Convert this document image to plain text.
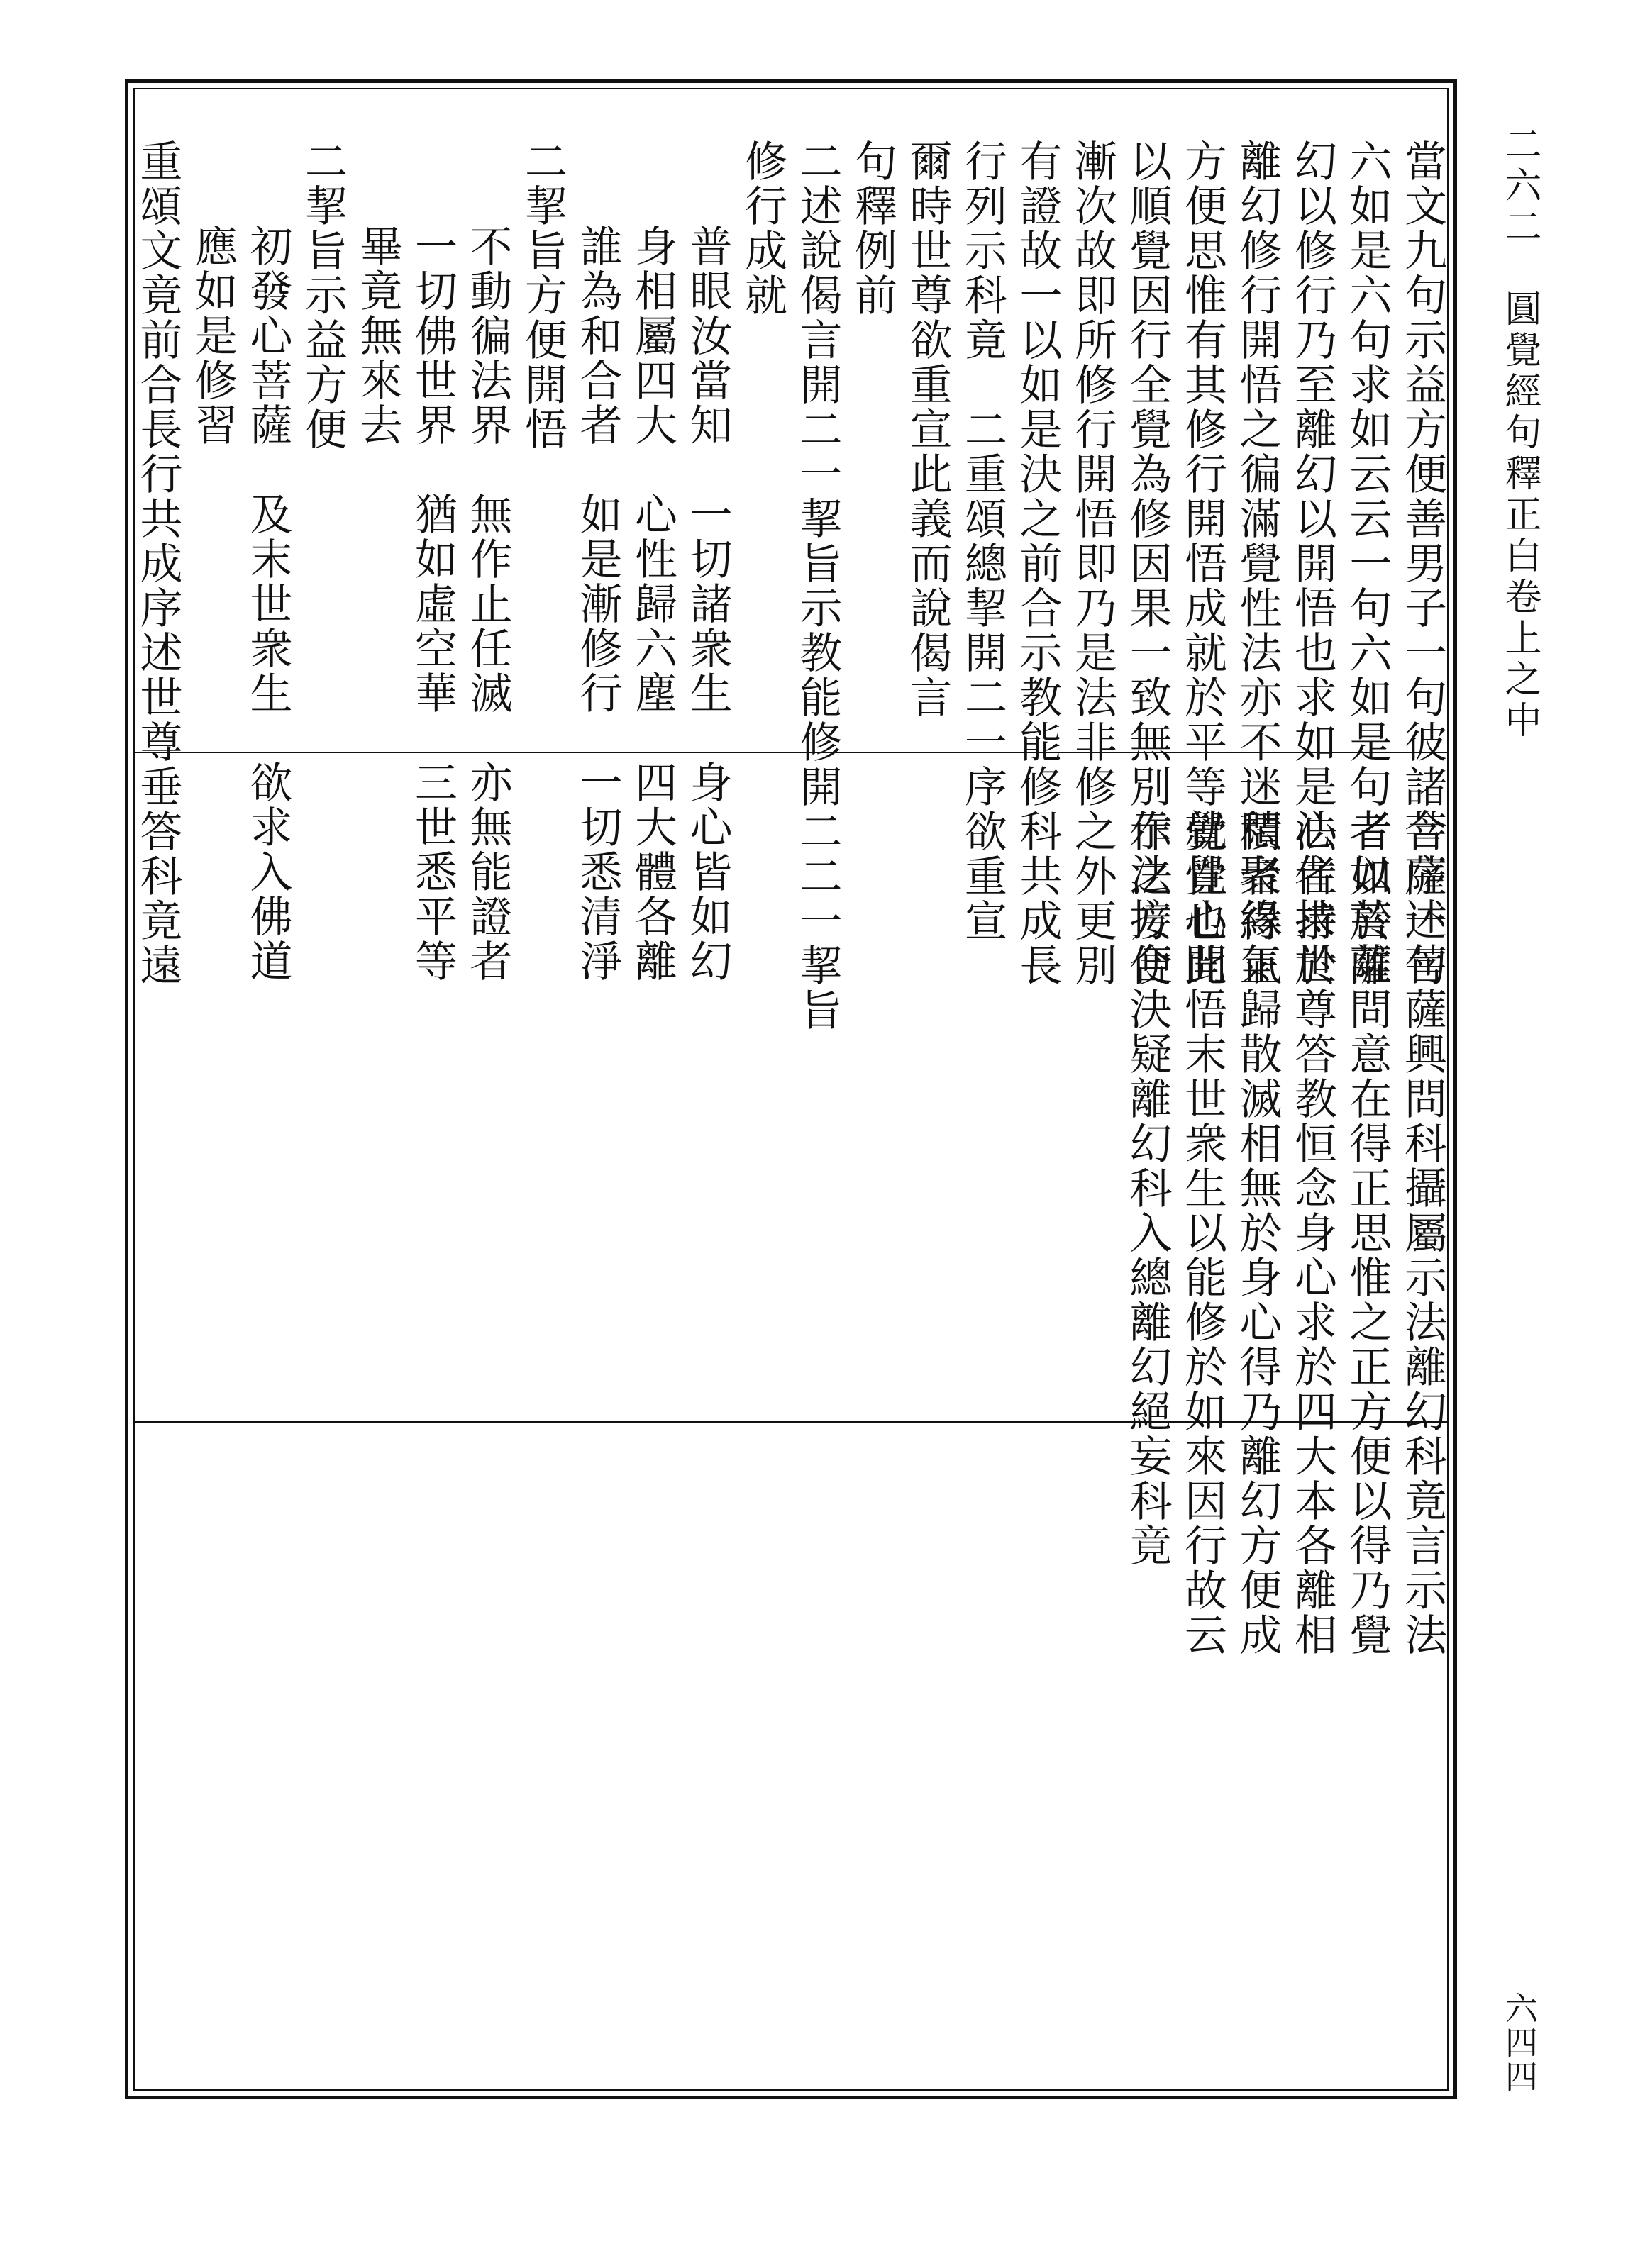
二六二　圓覺經句釋正白卷上之中
六四四
當文九句示益方便善男子一句彼諸菩薩一句
六如是六句求如云云一句六如是句者如於離
幻以修行乃至離幻以開悟也求如是法者求於
離幻修行開悟之徧滿覺性法亦不迷悶者得正
方便思惟有其修行開悟成就於平等覺性也此
以順覺因行全覺為修因果一致無別作之方便
漸次故即所修行開悟即乃是法非修之外更別
有證故一以如是決之前合示教能修科共成長
行列示科竟　二重頌總挈開二一序欲重宣
爾時世尊欲重宣此義而說偈言
句釋例前
二述說偈言開二一挈旨示教能修開二二一挈旨
修行成就
普眼汝當知　一切諸衆生　身心皆如幻
身相屬四大　心性歸六塵　四大體各離
誰為和合者　如是漸修行　一切悉清淨
二挈旨方便開悟
不動徧法界　無作止任滅　亦無能證者
一切佛世界　猶如虛空華　三世悉平等
畢竟無來去
二挈旨示益方便
初發心菩薩　及末世衆生　欲求入佛道
應如是修習
重頌文竟前合長行共成序述世尊垂答科竟遠
合序述菩薩興問科攝屬示法離幻科竟言示法
者以菩薩問意在得正思惟之正方便以得乃覺
心住持世尊答教恒念身心求於四大本各離相
積聚緣氣歸散滅相無於身心得乃離幻方便成
就覺心開悟末世衆生以能修於如來因行故云
示法接合決疑離幻科入總離幻絕妄科竟
